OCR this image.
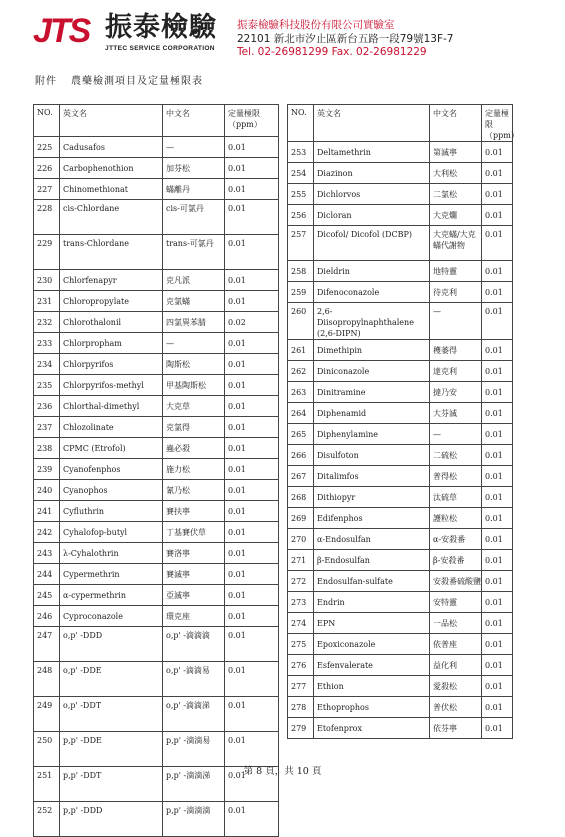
JTS 振泰檢驗
JTTEC SERVICE CORPORATION
振泰檢驗科技股份有限公司實驗室
22101 新北市汐止區新台五路一段79號13F-7
Tel. 02-26981299 Fax. 02-26981229
附件 農藥檢測項目及定量極限表
NO.	英文名	中文名	定量極限（ppm）
225	Cadusafos	—	0.01
226	Carbophenothion	加芬松	0.01
227	Chinomethionat	蟎離丹	0.01
228	cis-Chlordane	cis-可氯丹	0.01
229	trans-Chlordane	trans-可氯丹	0.01
230	Chlorfenapyr	克凡派	0.01
231	Chloropropylate	克氯蟎	0.01
232	Chlorothalonil	四氯異苯腈	0.02
233	Chlorpropham	—	0.01
234	Chlorpyrifos	陶斯松	0.01
235	Chlorpyrifos-methyl	甲基陶斯松	0.01
236	Chlorthal-dimethyl	大克草	0.01
237	Chlozolinate	克氯得	0.01
238	CPMC (Etrofol)	蟲必殺	0.01
239	Cyanofenphos	施力松	0.01
240	Cyanophos	氰乃松	0.01
241	Cyfluthrin	賽扶寧	0.01
242	Cyhalofop-butyl	丁基賽伏草	0.01
243	λ-Cyhalothrin	賽洛寧	0.01
244	Cypermethrin	賽滅寧	0.01
245	α-cypermethrin	亞滅寧	0.01
246	Cyproconazole	環克座	0.01
247	o,p' -DDD	o,p' -滴滴滴	0.01
248	o,p' -DDE	o,p' -滴滴易	0.01
249	o,p' -DDT	o,p' -滴滴涕	0.01
250	p,p' -DDE	p,p' -滴滴易	0.01
251	p,p' -DDT	p,p' -滴滴涕	0.01
252	p,p' -DDD	p,p' -滴滴滴	0.01
NO.	英文名	中文名	定量極限（ppm）
253	Deltamethrin	第滅寧	0.01
254	Diazinon	大利松	0.01
255	Dichlorvos	二氯松	0.01
256	Dicloran	大克爛	0.01
257	Dicofol/ Dicofol (DCBP)	大克蟎/大克蟎代謝物	0.01
258	Dieldrin	地特靈	0.01
259	Difenoconazole	待克利	0.01
260	2,6-Diisopropylnaphthalene (2,6-DIPN)	—	0.01
261	Dimethipin	穫萎得	0.01
262	Diniconazole	達克利	0.01
263	Dinitramine	撻乃安	0.01
264	Diphenamid	大芬滅	0.01
265	Diphenylamine	—	0.01
266	Disulfoton	二硫松	0.01
267	Ditalimfos	普得松	0.01
268	Dithiopyr	汰硫草	0.01
269	Edifenphos	護粒松	0.01
270	α-Endosulfan	α-安殺番	0.01
271	β-Endosulfan	β-安殺番	0.01
272	Endosulfan-sulfate	安殺番硫酸鹽	0.01
273	Endrin	安特靈	0.01
274	EPN	一品松	0.01
275	Epoxiconazole	依普座	0.01
276	Esfenvalerate	益化利	0.01
277	Ethion	愛殺松	0.01
278	Ethoprophos	普伏松	0.01
279	Etofenprox	依芬寧	0.01
第 8 頁，共 10 頁
